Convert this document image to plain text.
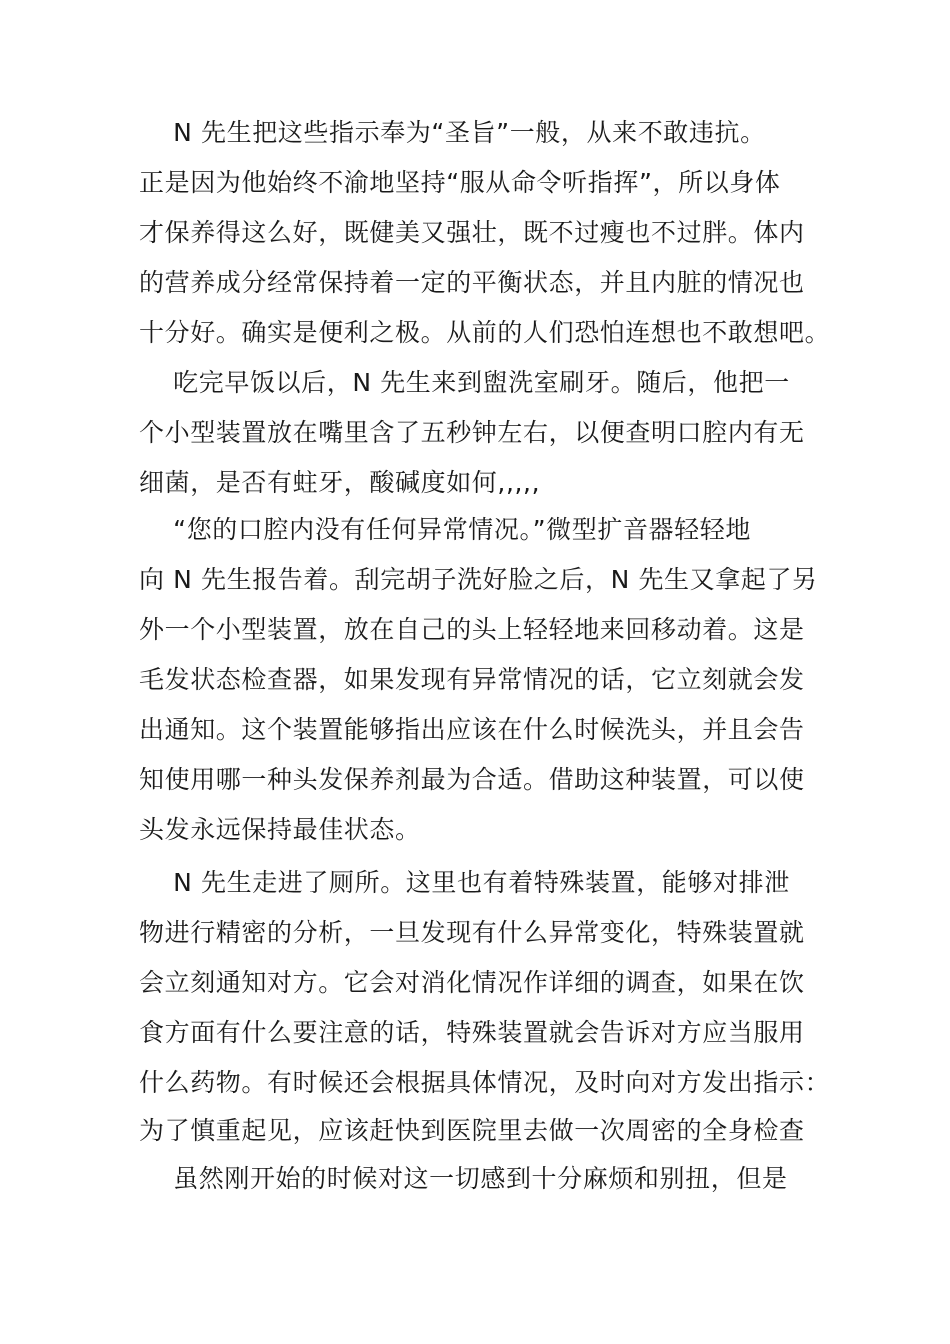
　 N 先生把这些指示奉为“圣旨”一般，从来不敢违抗。
正是因为他始终不渝地坚持“服从命令听指挥”，所以身体
才保养得这么好，既健美又强壮，既不过瘦也不过胖。体内
的营养成分经常保持着一定的平衡状态，并且内脏的情况也
十分好。确实是便利之极。从前的人们恐怕连想也不敢想吧。
　 吃完早饭以后，N 先生来到盥洗室刷牙。随后，他把一
个小型装置放在嘴里含了五秒钟左右，以便查明口腔内有无
细菌，是否有蛀牙，酸碱度如何,,,,,
　 “您的口腔内没有任何异常情况。”微型扩音器轻轻地
向 N 先生报告着。刮完胡子洗好脸之后，N 先生又拿起了另
外一个小型装置，放在自己的头上轻轻地来回移动着。这是
毛发状态检查器，如果发现有异常情况的话，它立刻就会发
出通知。这个装置能够指出应该在什么时候洗头，并且会告
知使用哪一种头发保养剂最为合适。借助这种装置，可以使
头发永远保持最佳状态。
　 N 先生走进了厕所。这里也有着特殊装置，能够对排泄
物进行精密的分析，一旦发现有什么异常变化，特殊装置就
会立刻通知对方。它会对消化情况作详细的调查，如果在饮
食方面有什么要注意的话，特殊装置就会告诉对方应当服用
什么药物。有时候还会根据具体情况，及时向对方发出指示：
为了慎重起见，应该赶快到医院里去做一次周密的全身检查
　 虽然刚开始的时候对这一切感到十分麻烦和别扭，但是
